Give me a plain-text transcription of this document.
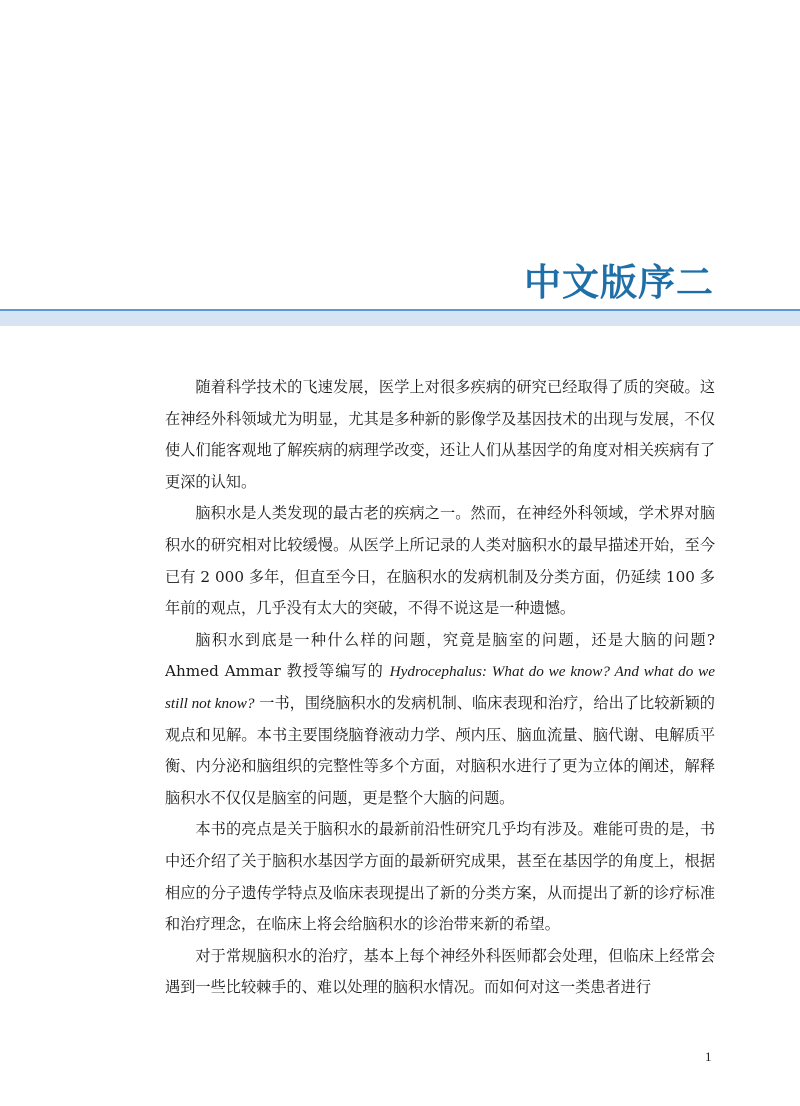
中文版序二

随着科学技术的飞速发展，医学上对很多疾病的研究已经取得了质的突破。这在神经外科领域尤为明显，尤其是多种新的影像学及基因技术的出现与发展，不仅使人们能客观地了解疾病的病理学改变，还让人们从基因学的角度对相关疾病有了更深的认知。

脑积水是人类发现的最古老的疾病之一。然而，在神经外科领域，学术界对脑积水的研究相对比较缓慢。从医学上所记录的人类对脑积水的最早描述开始，至今已有 2 000 多年，但直至今日，在脑积水的发病机制及分类方面，仍延续 100 多年前的观点，几乎没有太大的突破，不得不说这是一种遗憾。

脑积水到底是一种什么样的问题，究竟是脑室的问题，还是大脑的问题? Ahmed Ammar 教授等编写的 Hydrocephalus: What do we know? And what do we still not know? 一书，围绕脑积水的发病机制、临床表现和治疗，给出了比较新颖的观点和见解。本书主要围绕脑脊液动力学、颅内压、脑血流量、脑代谢、电解质平衡、内分泌和脑组织的完整性等多个方面，对脑积水进行了更为立体的阐述，解释脑积水不仅仅是脑室的问题，更是整个大脑的问题。

本书的亮点是关于脑积水的最新前沿性研究几乎均有涉及。难能可贵的是，书中还介绍了关于脑积水基因学方面的最新研究成果，甚至在基因学的角度上，根据相应的分子遗传学特点及临床表现提出了新的分类方案，从而提出了新的诊疗标准和治疗理念，在临床上将会给脑积水的诊治带来新的希望。

对于常规脑积水的治疗，基本上每个神经外科医师都会处理，但临床上经常会遇到一些比较棘手的、难以处理的脑积水情况。而如何对这一类患者进行

1
